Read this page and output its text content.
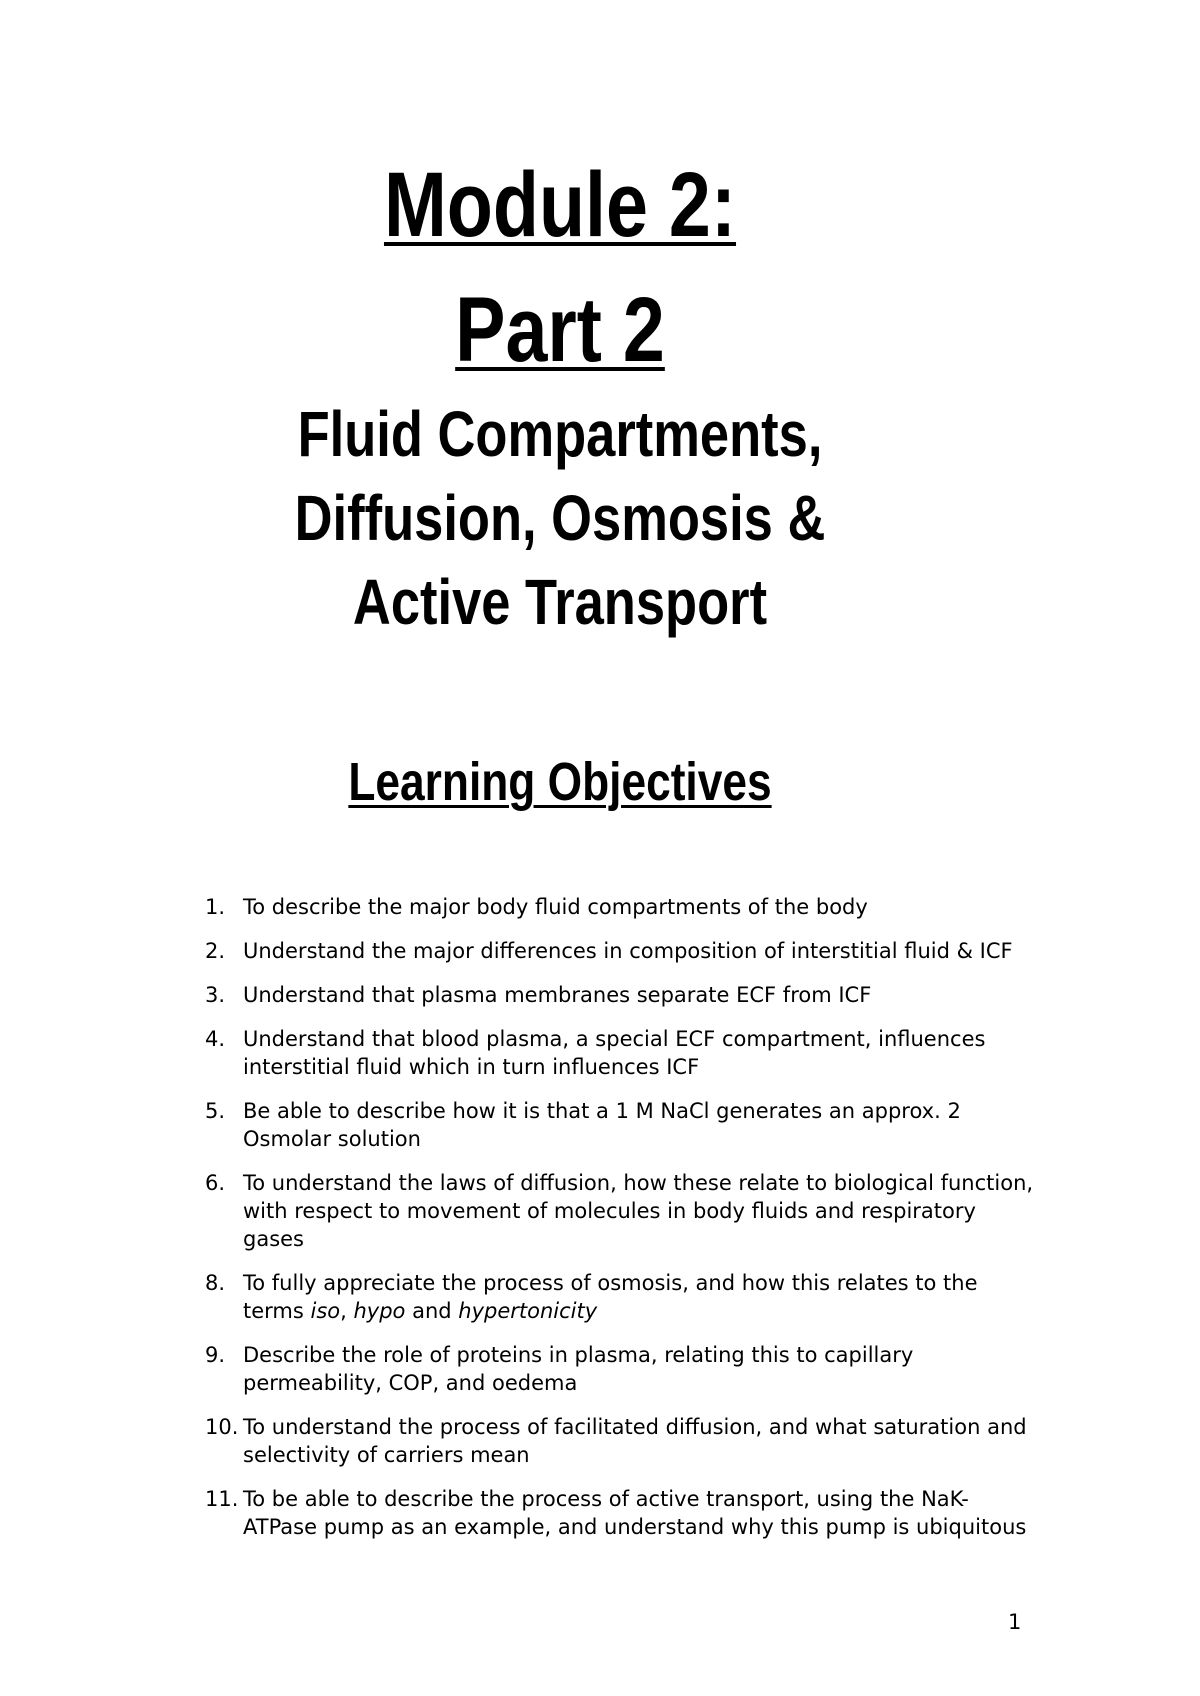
Module 2:
Part 2
Fluid Compartments,
Diffusion, Osmosis &
Active Transport
Learning Objectives
1. To describe the major body fluid compartments of the body
2. Understand the major differences in composition of interstitial fluid & ICF
3. Understand that plasma membranes separate ECF from ICF
4. Understand that blood plasma, a special ECF compartment, influences interstitial fluid which in turn influences ICF
5. Be able to describe how it is that a 1 M NaCl generates an approx. 2 Osmolar solution
6. To understand the laws of diffusion, how these relate to biological function, with respect to movement of molecules in body fluids and respiratory gases
8. To fully appreciate the process of osmosis, and how this relates to the terms iso, hypo and hypertonicity
9. Describe the role of proteins in plasma, relating this to capillary permeability, COP, and oedema
10. To understand the process of facilitated diffusion, and what saturation and selectivity of carriers mean
11. To be able to describe the process of active transport, using the NaK-ATPase pump as an example, and understand why this pump is ubiquitous
1
